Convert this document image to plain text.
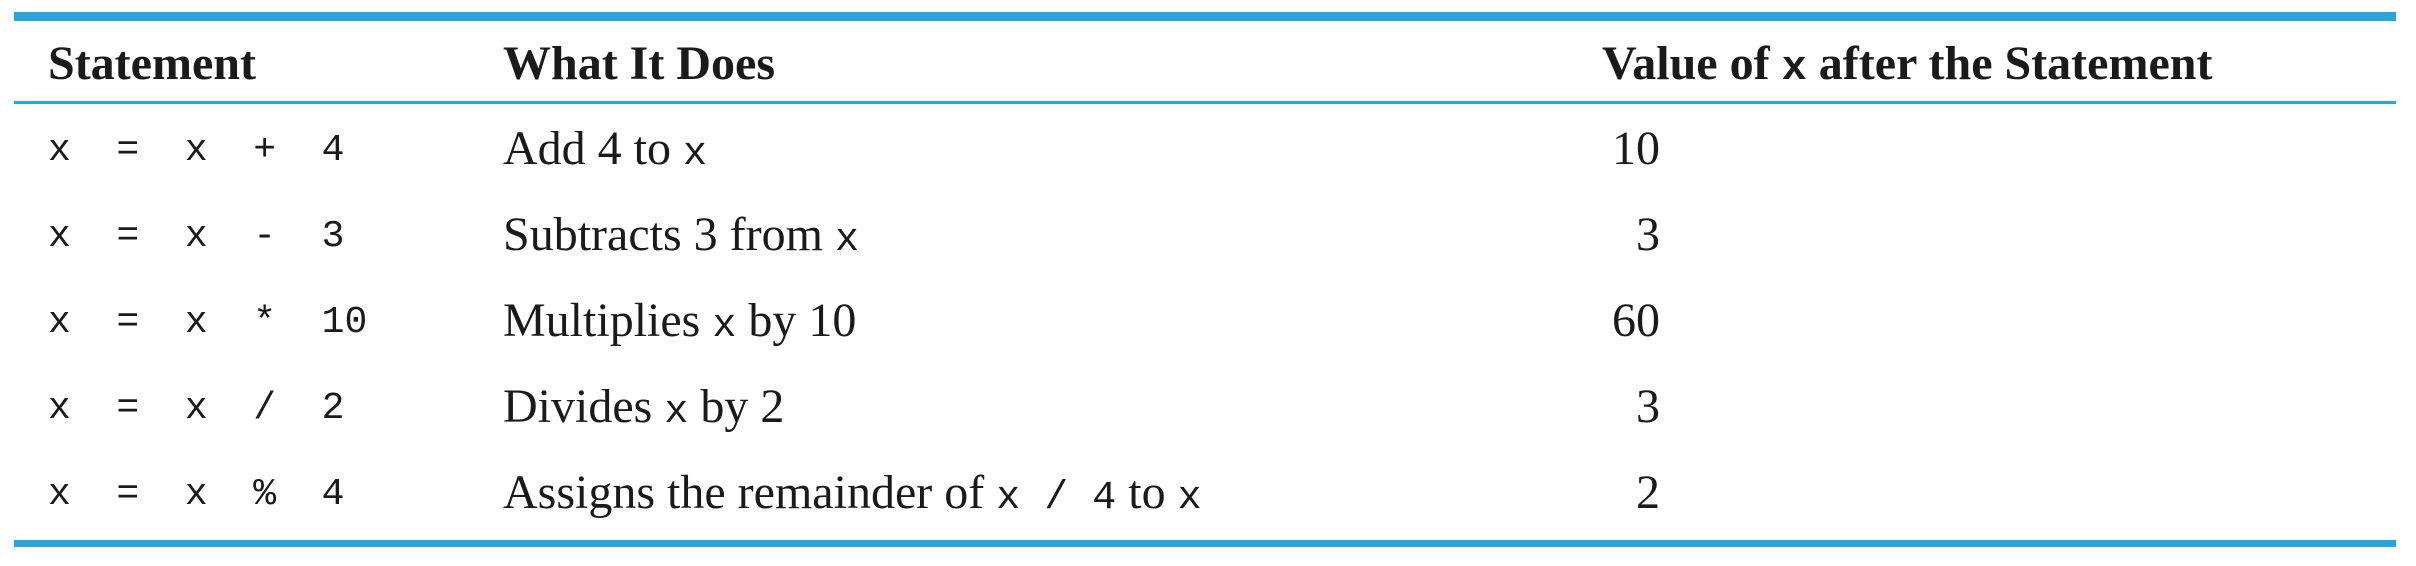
Statement	What It Does	Value of x after the Statement
x  =  x  +  4	Add 4 to x	10
x  =  x  -  3	Subtracts 3 from x	3
x  =  x  *  10	Multiplies x by 10	60
x  =  x  /  2	Divides x by 2	3
x  =  x  %  4	Assigns the remainder of x / 4 to x	2
